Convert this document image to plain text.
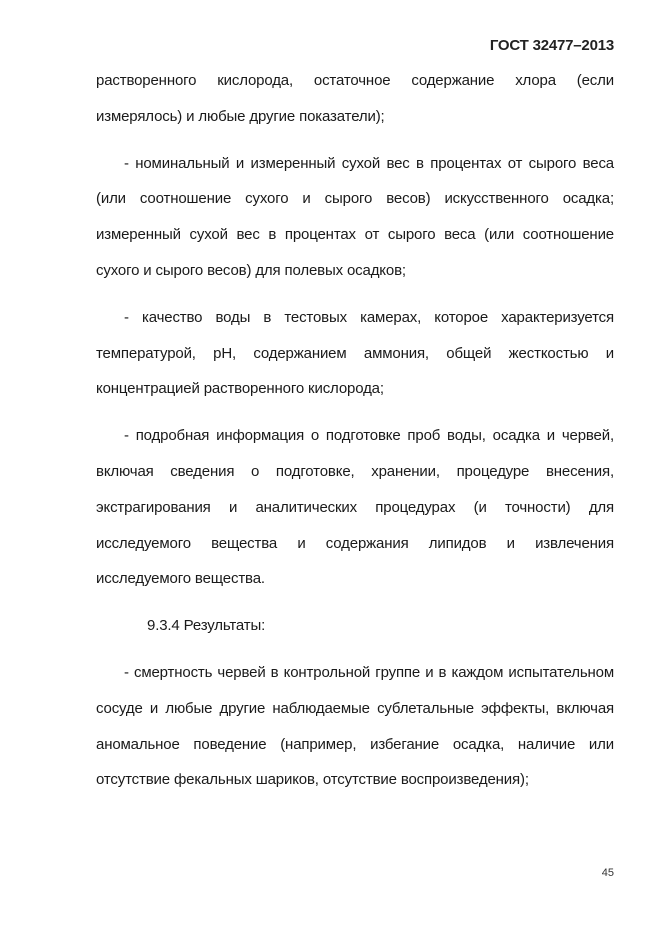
ГОСТ 32477–2013

растворенного кислорода, остаточное содержание хлора (если измерялось) и любые другие показатели);

- номинальный и измеренный сухой вес в процентах от сырого веса (или соотношение сухого и сырого весов) искусственного осадка; измеренный сухой вес в процентах от сырого веса (или соотношение сухого и сырого весов) для полевых осадков;

- качество воды в тестовых камерах, которое характеризуется температурой, pH, содержанием аммония, общей жесткостью и концентрацией растворенного кислорода;

- подробная информация о подготовке проб воды, осадка и червей, включая сведения о подготовке, хранении, процедуре внесения, экстрагирования и аналитических процедурах (и точности) для исследуемого вещества и содержания липидов и извлечения исследуемого вещества.

9.3.4 Результаты:

- смертность червей в контрольной группе и в каждом испытательном сосуде и любые другие наблюдаемые сублетальные эффекты, включая аномальное поведение (например, избегание осадка, наличие или отсутствие фекальных шариков, отсутствие воспроизведения);

45
